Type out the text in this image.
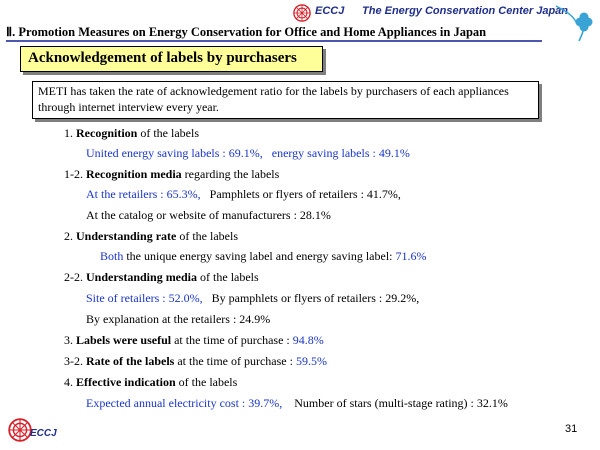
ECCJ The Energy Conservation Center Japan
Ⅱ. Promotion Measures on Energy Conservation for Office and Home Appliances in Japan
Acknowledgement of labels by purchasers
METI has taken the rate of acknowledgement ratio for the labels by purchasers of each appliances through internet interview every year.
1. Recognition of the labels
United energy saving labels : 69.1%, energy saving labels : 49.1%
1-2. Recognition media regarding the labels
At the retailers : 65.3%, Pamphlets or flyers of retailers : 41.7%,
At the catalog or website of manufacturers : 28.1%
2. Understanding rate of the labels
Both the unique energy saving label and energy saving label: 71.6%
2-2. Understanding media of the labels
Site of retailers : 52.0%, By pamphlets or flyers of retailers : 29.2%,
By explanation at the retailers : 24.9%
3. Labels were useful at the time of purchase : 94.8%
3-2. Rate of the labels at the time of purchase : 59.5%
4. Effective indication of the labels
Expected annual electricity cost : 39.7%, Number of stars (multi-stage rating) : 32.1%
ECCJ	31
